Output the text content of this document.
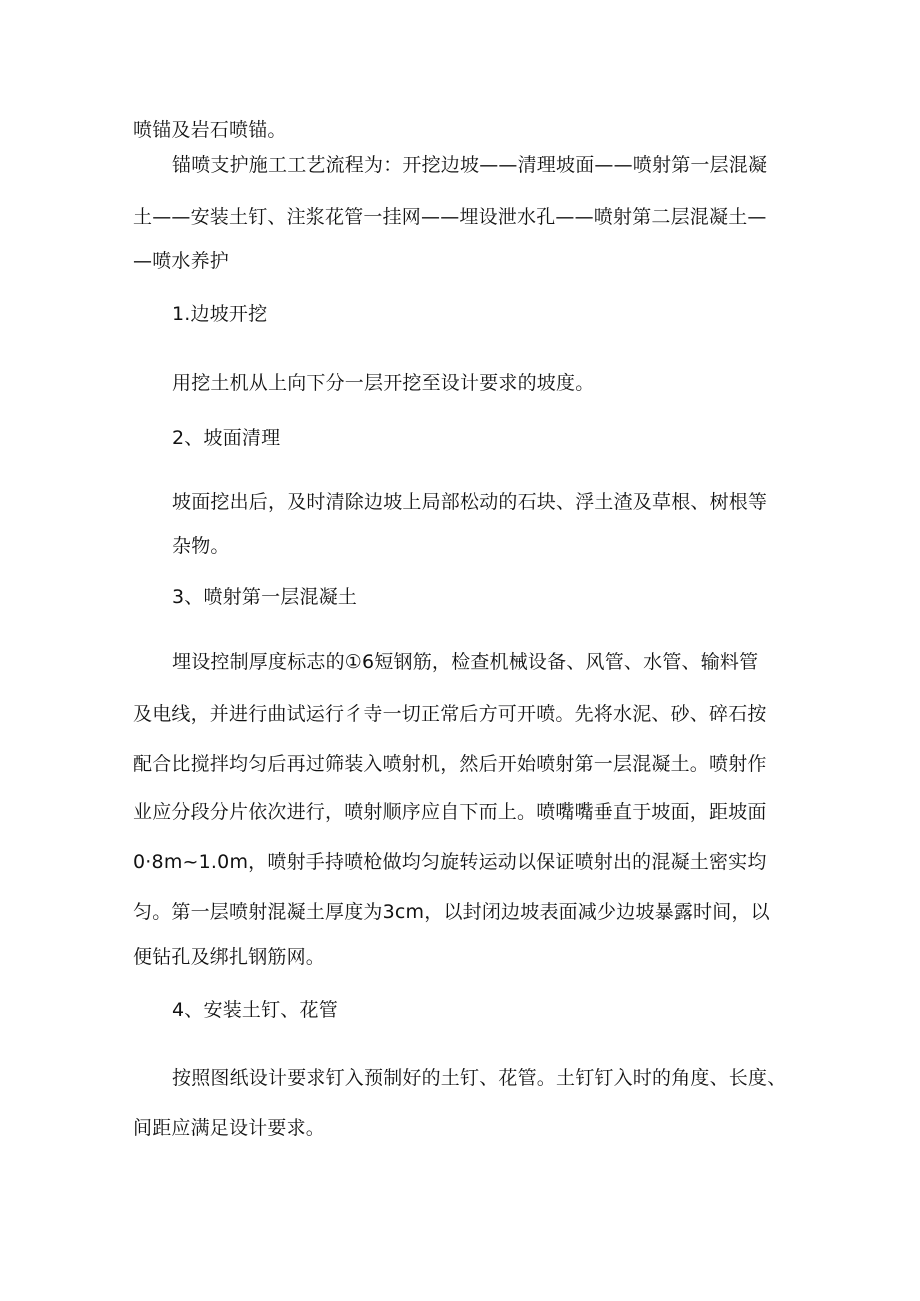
喷锚及岩石喷锚。
锚喷支护施工工艺流程为：开挖边坡——清理坡面——喷射第一层混凝
土——安装土钉、注浆花管一挂网——埋设泄水孔——喷射第二层混凝土—
—喷水养护
1.边坡开挖
用挖土机从上向下分一层开挖至设计要求的坡度。
2、坡面清理
坡面挖出后，及时清除边坡上局部松动的石块、浮土渣及草根、树根等
杂物。
3、喷射第一层混凝土
埋设控制厚度标志的①6短钢筋，检查机械设备、风管、水管、输料管
及电线，并进行曲试运行彳寺一切正常后方可开喷。先将水泥、砂、碎石按
配合比搅拌均匀后再过筛装入喷射机，然后开始喷射第一层混凝土。喷射作
业应分段分片依次进行，喷射顺序应自下而上。喷嘴嘴垂直于坡面，距坡面
0·8m~1.0m，喷射手持喷枪做均匀旋转运动以保证喷射出的混凝土密实均
匀。第一层喷射混凝土厚度为3cm，以封闭边坡表面减少边坡暴露时间，以
便钻孔及绑扎钢筋网。
4、安装土钉、花管
按照图纸设计要求钉入预制好的土钉、花管。土钉钉入时的角度、长度、
间距应满足设计要求。
